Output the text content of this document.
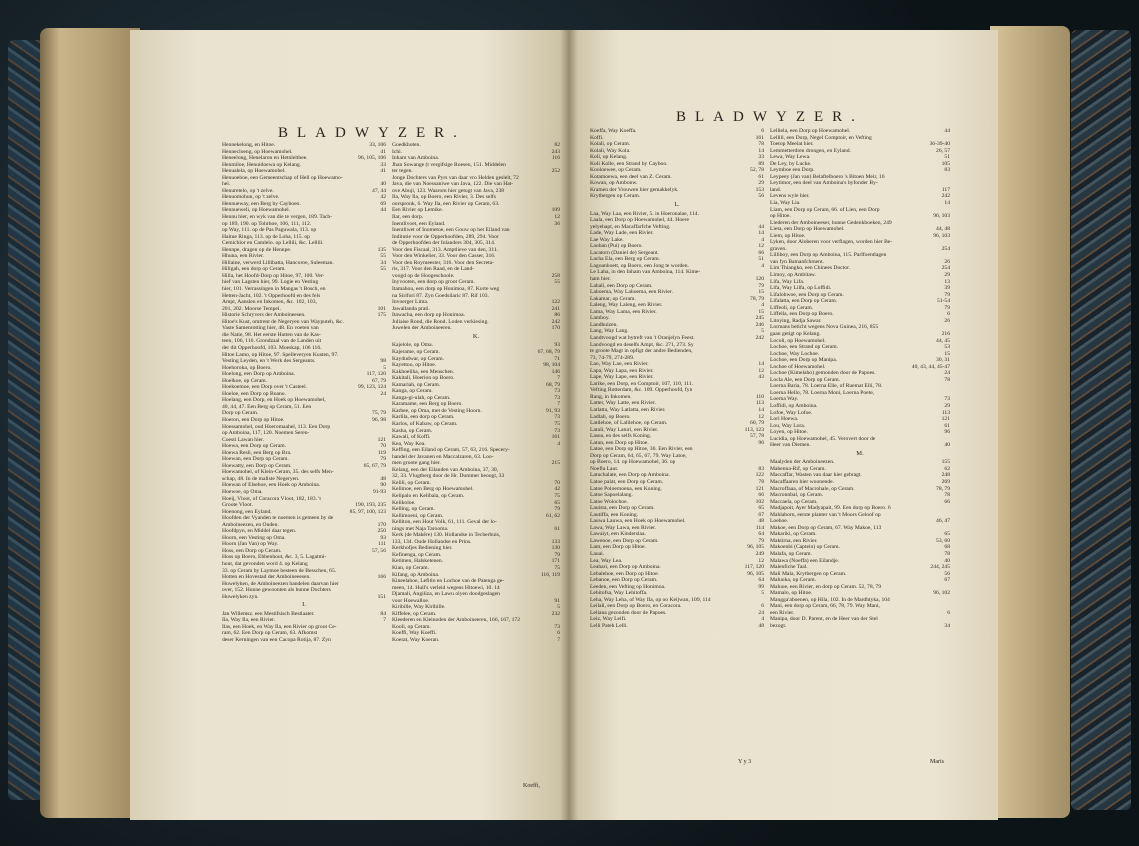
BLADWYZER.
Hennekelong, en Hitoe.	33, 106
Hennecloeng, op Hoewamohel.	41
Heneelong, Henelaron en Hetnlelthee.	96, 105, 106
Henmiloe, Henuidoewa op Kelang.	33
Henualela, op Hoewamohel.	41
Henuoeboe, een Gemeentschap of Hell op Hoewamo-
hel.	40
Henuretelo, op 't zelve.	47, 44
Henuomohun, op 't zelve.	42
Hennueway, een Berg by Cayboeo.	69
Hennueweli, op Hoewamohel.	44
Hennu hier, en wyk van die te vergen, 189. Tach-
op 189, 190. op Tohrhoe, 106, 111, 112.
op Way, 111. op de Pas Paguwala, 113. op
Haitue Ringa, 113. op de Loha, 115. op
Cemichlor en Camlelo. op Lellili, &c. Lellili.
Hennpe, dragen op de Hennpe.	135
Hhuna, een Rivier.	55
Hillaine, verwerd Lillibatta, Hancoroe, Suleeman.	34
Hiligah, een dorp op Ceram.	55
Hilla, het Hoofd-Dorp op Hitoe, 97, 100. Ver-
hief van Lagsten hier, 99. Logie en Vesting
hier, 101. Verrassingen in Mangas 't Bosch, en
Hetten-Jacht, 102. 't Opperhoofd en des fels
Ampt, Aanslen en Inkomen, &c. 102, 103,
201, 202. Moorse Tempel.	101
Historie Schryvers der Amboineesen.	175
Hitoe's Kust, omtrent de Negeryen van Wayputeh, &c.
Vaste Samenrotting hier, 48. En voeten van
die Natie, 98. Het eerste Hutten van de Kas-
teen, 106, 116. Grondzaal van de Landen uit
der dit Opperhoofd, 103. Moeskap, 106 116.
Hitoe Lamo, op Hitoe, 97. Spelleveryen Kusten, 97.
Vesting Leyden, en 't Werk des Sergeants.	98
Hoehoroka, op Boero.	5
Hoelong, een Dorp op Amboina.	117, 120
Hoelkoe, op Ceram.	67, 79
Hoekoemoe, een Dorp over 't Casteel.	99, 123, 124
Hoeloe, een Dorp op Boano.	24
Hoelang, een Dorp, en Hoek op Hoewamohel,
40, 44, 47. Een Berg op Ceram, 51. Een
Dorp op Ceram.	75, 79
Hoeron, een Dorp op Hitoe.	96, 98
Hoessamohel, oud Hoeromaahel, 113. Een Dorp
op Amboina, 117, 120. Noemen Seren-
Coesti Lawan hier.	121
Hoewa, een Dorp op Ceram.	70
Hoewa Resli, een Berg op Bra.	119
Hoewan, een Dorp op Ceram.	79
Hoewatty, een Dorp op Ceram.	65, 67, 79
Hoewamohel, of Klein-Ceram, 35. des selfs Men-
schap, 48. In de mallste Negeryen.	48
Hoewan of Elsehoe, een Hoek op Amboina.	90
Hoewoe, op Oma.	91-93
Hoeij, Vloot, of Coracora Vloot, 182, 183. 't
Groote Vloot.	190, 193, 235
Hoenong, een Eyland.	85, 97, 100, 123
Hoofden der Vyanden te noemen is gemeen by de
Amboineezen, en Ouden.	170
Hoofdpyn, en Middel daar tegen.	250
Hoorn, een Vesting op Oma.	93
Hoorn (Jan Van) op Way.	111
Hoss, een Dorp op Ceram.	57, 56
Hoss op Boero, Ebbenhout, &c. 3, 5. Lagatmi-
hout, dat gevonden word 4. op Kelang
33. op Ceram by Laymoe besteen de Besschen, 65.
Hotten en Hovestad der Amboineeesen.	166
Huwelyken, de Amboineezen handelen daarvan hier
over, 152. Hunne gewoonten als hunne Dochters
Huwelyken zyn.	151
I.
Jan Willemsz. een Mestifsisch Bestlaater.	84
Ila, Way Ila, een Rivier.	7
Ilas, een Hoek, en Way Ila, een Rivier op groot Ce-
ram, 62. Een Dorp op Ceram, 63. Afkomst
deser Kerningen van een Cacopa Rotija, 87. Zyn
Goedkhoten.	82
Ichi.	243
Inham van Amboina.	116
Jhan Sowange (t vergifsige Roesen, 151. Middelen
ter tegen.	252
Jonge Dochters van Pyrs van daar vro Helden geslelt, 72
Java, die van Noessaniwe van Java, 122. Die van Hat-
ove Abuji, 123. Waarom hier getugt van Java, 238
Ila, Way Ila, op Boero, een Rivier, 3. Des selfs
oorspronk, 6. Way Ila, een Rivier op Ceram, 63.
Een Rivier op Lemike.	109
Ilar, een dorp.	12
Inentlivoet, een Eyland.	36
Inentliwet of Inometoe, een Gouw op het Eiland van
Inditutie voor de Opperhoofden, 289, 294. Voor
de Opperhoofden der Inlanders 304, 305, 314.
Voor den Fiscaal, 313. Amptlieve van den, 311.
Voor den Winkelier, 33. Voor den Casser, 316.
Voor den Roymeester, 316. Voor den Secreta-
ris, 317. Voor den Raad, en de Land-
voogd op de Hoogeschoole.	258
Inyvooten, een dorp op groot Ceram.	55
Itamahou, een dorp op Honimoa, 87. Korte weg
na Sirifori 87. Zyn Goedsilaric 87. Rif 103.
Invoerger Lima.	122
Jawallanda prati.	241
Itawacha, een dorp op Honimoa.	86
Juliaise Rond, die Rond. Loden verkiesing.	242
Juwelen der Amboineeren.	170
K.
Kajelole, op Oma.	93
Kajerame, op Ceram.	67, 68, 79
Kaydudwar, op Ceram.	71
Kayettoo, op Hitoe.	98, 104
Kakhoeliha, een Menschen.	146
Kakitali, Hoerion op Boero.	7
Kamariah, op Ceram.	68, 79
Kanga, op Ceram.	73
Kanga-gi-ulah, op Ceram.	73
Karamame, een Berg op Boero.	7
Karbee, op Oma, met de Vesting Hoorn.	91, 93
Karlila, een dorp op Ceram.	73
Karlos, of Kabaw, op Ceram.	75
Kasha, op Ceram.	73
Kawali, of Koffi.	161
Kea, Way Kea.	4
Keffing, een Eiland op Ceram, 57, 63, 216. Specery-
handel der Javanen en Maccalzaren, 63. Loo-
men groote gang hier.	215
Kelang, een der Eilanden van Amboina, 37, 30,
32, 33. Vlugtberg door de Hr. Dummer beoogt, 33
Kelili, op Ceram.	70
Kelimoe, een Berg op Hoewamohel.	42
Kelipalo en Kelibala, op Ceram.	75
Kelikoloe.	65
Kelling, op Ceram.	79
Kellimoeni, op Ceram.	61, 62
Kelliton, een Hout Volk, 61, 111. Geval der lo-
nings met Naja Tarooma.	61
Kerk (de Makêre) 130. Hollandse in Techerbuis,
133, 134. Oude Hollandse en Prins.	133
Kerkhofjes Bediening hier.	130
Kefinenga, op Ceram.	79
Ketimen, Halsketenen.	171
Kian, op Ceram.	75
Kifang, op Amboina.	116, 119
Kineelahoe, Lefitlo en Lochoe van de Patenga ge-
meen, 14. Hull's verleid wegens Hitoewi, 10. 14
Djamali, Angiliza, en Lawu olyen doodgeslagen
voor Hoewalloe.	91
Kiribille, Way Kiribille.	5
Kiffelee, op Ceram.	232
Kleederen en Kleinoden der Amboineeren, 166, 167, 172
Kooli, op Ceram.	73
Koeffi, Way Koeffi.	6
Koerat, Way Koeran.	7
Koeffi,
BLADWYZER.
Koeffa, Way Koeffa.	6
Koffi.	161
Kolali, op Ceram.	78
Kolali, Way Kola.	14
Koli, op Kelang.	33
Koli Kolle, een Strand by Cayboo.	89
Kooloewee, op Ceram.	52, 78
Kotamoewa, een deel van Z. Ceram.	61
Kowan, op Ambonw.	29
Kramen der Vrouwen hier gemakkelyk.	153
Krytbergen op Ceram.	56
L.
Laa, Way Laa, een Rivier, 5. in Hoeronalae, 114.
Laala, een Dorp op Hoewamohel, 44. Hoere
yelyehapt, en Macaffarfche Vefting.	44
Lade, Way Lade, een Rivier.	14
Lae Way Lake.	4
Laoban (Pui) op Boero.	12
Lacatorn (Daniel de) Sergeant.	66
Lacha Ela, een Berg op Ceram.	51
Lagoanhoett, op Boero, een Jong te worden.	4
Le Laha, in den Inham van Amboina, 114. Kime-
ham hier.	120
Lahali, een Dorp op Ceram.	79
Lahoema, Way Lahoema, een Rivier.	15
Lakamar, op Ceram.	78, 79
Laleng, Way Laleng, een Rivier.	4
Lama, Way Lama, een Rivier.	15
Lamboy.	245
Landhuizen.	246
Lang, Way Lang.	5
Landtvoogd wat bytreft van 't Oranjelyn Feest.	242
Landvoogd en deselfs Ampt, &c. 271, 273. Sy
te groote Magt in opfigt der andre Bedienden,
73, 74-79, 274-289.
Lao, Way Lao, een Rivier.	14
Lapa, Way Lapa, een Rivier.	12
Lape, Way Lape, een Rivier.	43
Larike, een Dorp, en Comptoir, 107, 110, 111.
Vefting Rotterdam, &c. 109. Opperhoofd, fyn
Rang, in Inkomen.	110
Latter, Way Latte, een Rivier.	113
Latlatta, Way Latlatta, een Rivier.	14
Ladlali, op Boero.	12
Latilehoe, of Lalilehoe, op Ceram.	60, 79
Latuli, Way Laturi, een Rivier.	113, 123
Lasea, en des selfs Koning.	57, 78
Latun, een Dorp op Hitoe.	96
Latoe, een Dorp op Hitoe, 36. Een Rivier, een
Dorp op Ceram, 64, 65, 67, 79. Way Latoe,
op Boero, 14. op Hoewamohel, 36. op
Noefla Laut.	83
Latuchalate, een Dorp op Amboina.	122
Latoe palat, een Dorp op Ceram.	78
Latoe Poloemoena, een Koning.	121
Latoe Sapoelalang.	66
Latoe Wolochoe.	102
Lauista, een Dorp op Ceram.	65
Lautiffa, een Koning.	67
Lauwa Lauwa, een Hoek op Hoewamohel.	48
Lawa, Way Lawa, een Rivier.	114
Lawaiyt, een Kinderslaa.	64
Lawenoe, een Dorp op Ceram.	79
Lam, een Dorp op Hitoe.	96, 105
Lauai.	249
Lea, Way Lea.	12
Leahari, een Dorp op Amboina.	117, 120
Lebalehoe, een Dorp op Hitoe.	96, 105
Lebanoe, een Dorp op Ceram.	64
Leeden, een Vefting op Honimoa.	99
Lehitofsa, Way Lehitoffa.	5
Leha, Way Leha, of Way Ila, op oo Keijwan, 109, 114
Leilali, een Dorp op Boero, en Coracora.	6
Leliana gezonden door de Papoes.	24
Leiz, Way Leifi.	4
Lelli Pateh Lelli.	48
Lelliela, een Dorp op Hoewamohel.	44
Lellili, een Dorp, Negel Comptoir, en Vefting
Toetop Meelat hier.	36-39-40
Lemmetterdren drongen, en Eyland.	26, 57
Lewa, Way Lewa.	51
De Ley, by Lucke.	105
Leymboe een Dorp.	83
Leypeey (Jan van) Belaftelboero 's Bitoen Meir, 16
Leytimor, een deel van Amboina's byfonder By-
land.	117
Levens wyle hier.	242
Lia, Way Lia.	14
Liam, een Dorp op Ceram, 66. of Lien, een Dorp
op Hitoe.	96, 103
Liederen der Amboineeser, hunne Gedenkboeken, 249
Lieta, een Dorp op Hoewamohel.	44, 48
Liem, op Hitoe.	96, 103
Lyken, door Aloberen voor verflagen, worden hier Be-
graven.	254
Lilliboy, een Dorp op Amboina, 115. Parlfoentlagen
van fyn Bamanfchment.	26
Lim Thiangko, een Chinees Doctor.	254
Limoy, op Ambitaw.	29
Lifa, Way Lifa.	13
Lifa, Way Lilfa, op Loffidi.	39
Lifalobwoe, een Dorp op Ceram.	79
Lifalatta, een Dorp op Ceram.	51-54
Liffeoli, op Ceram.	79
Liffella, een Dorp op Boero.	6
Litoying, Radja Sawar.	26
Lormans beticht wegens Nova Guinea, 216, 855
gaan getigt op Kelang.	216
Locoli, op Hoewamohel.	44, 45
Lochoe, een Strand op Ceram.	53
Lochoe, Way Lochoe.	15
Lochoe, een Dorp op Manipa.	30, 31
Lochoe of Hoewamohel.	40, 43, 44, 45-47
Lochoe (Kimelaho) gemonden door de Papoes.	24
Locla Ale, een Dorp op Ceram.	78
Loerna Baria, 78. Loerna Elie, of Ruemat Elli, 78.
Loerna Hello, 78. Loerna Moni, Loerna Poete,
Loerna Way.	73
Loffidi, op Amboina.	29
Lofoe, Way Lofoe.	113
Lori Hoewa.	121
Lou, Way Lora.	61
Loyen, op Hitoe.	96
Lucidia, op Hoewamohel, 45. Verovert door de
Heer van Diemen.	40
M.
Maalyden der Amboineezen.	155
Mabenna-Rif, op Ceram.	62
Maccaffar, Wasten van daar hier gebragt.	248
Macaffaaren hier woonende.	269
Macroffaaa, of Macrohale, op Ceram.	78, 79
Macronnbal, op Ceram.	78
Maccaela, op Ceram.	66
Madjapoit, Ayer Madyapait, 99. Een dorp op Boero. 6
Mahlaborn, eerste planter van 't Moors Geloof op
Loehoe.	46, 47
Makoe, een Dorp op Ceram, 67. Way Makoe, 113
Makariki, op Ceram.	65
Maktirna, een Rivier.	53, 60
Makoenbi (Captein) op Ceram.	68
Malafa, op Ceram.	78
Malawa (Noeffa) een Eilandje.	40
Malenfiche Taal.	244, 245
Mali Mala, Krytbergen op Ceram.	56
Maluoka, op Ceram.	67
Maluoe, een Rivier, en dorp op Ceram. 52, 78, 79
Mamalo, op Hitoe.	96, 102
Mangga'aboenen, op Hila, 102. In de Mardhtyka, 104
Mani, een dorp op Ceram, 66, 78, 79. Way Mani,
een Rivier.	6
Manipa, door D. Parent, en de Heer van der Stel
bezogt.	34
Y y 3	Maris
